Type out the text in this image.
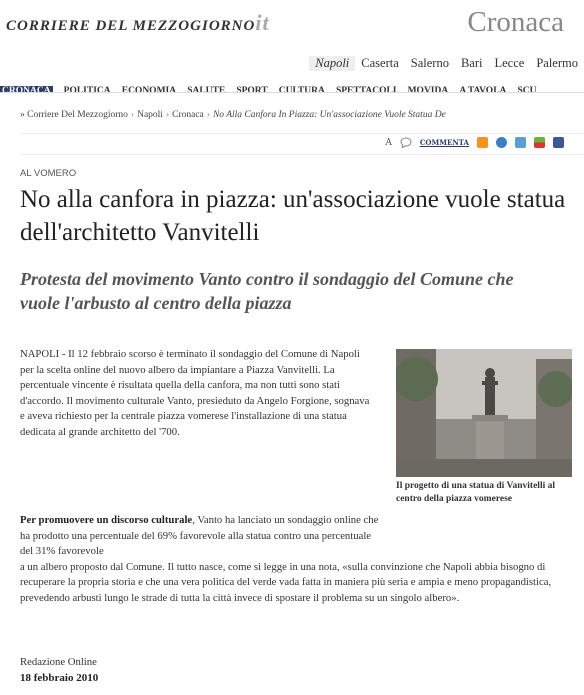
CORRIERE DEL MEZZOGIORNOit	Cronaca
Napoli Caserta Salerno Bari Lecce Palermo
CRONACA POLITICA ECONOMIA SALUTE SPORT CULTURA SPETTACOLI MOVIDA A TAVOLA SCU
» Corriere Del Mezzogiorno › Napoli › Cronaca › No Alla Canfora In Piazza: Un'associazione Vuole Statua De
A	COMMENTA
AL VOMERO
No alla canfora in piazza: un'associazione vuole statua dell'architetto Vanvitelli
Protesta del movimento Vanto contro il sondaggio del Comune che vuole l'arbusto al centro della piazza

NAPOLI - Il 12 febbraio scorso è terminato il sondaggio del Comune di Napoli per la scelta online del nuovo albero da impiantare a Piazza Vanvitelli. La percentuale vincente è risultata quella della canfora, ma non tutti sono stati d'accordo. Il movimento culturale Vanto, presieduto da Angelo Forgione, sognava e aveva richiesto per la centrale piazza vomerese l'installazione di una statua dedicata al grande architetto del '700.

Il progetto di una statua di Vanvitelli al centro della piazza vomerese

Per promuovere un discorso culturale, Vanto ha lanciato un sondaggio online che ha prodotto una percentuale del 69% favorevole alla statua contro una percentuale del 31% favorevole
a un albero proposto dal Comune. Il tutto nasce, come si legge in una nota, «sulla convinzione che Napoli abbia bisogno di recuperare la propria storia e che una vera politica del verde vada fatta in maniera più seria e ampia e meno propagandistica, prevedendo arbusti lungo le strade di tutta la città invece di spostare il problema su un singolo albero».

Redazione Online
18 febbraio 2010
